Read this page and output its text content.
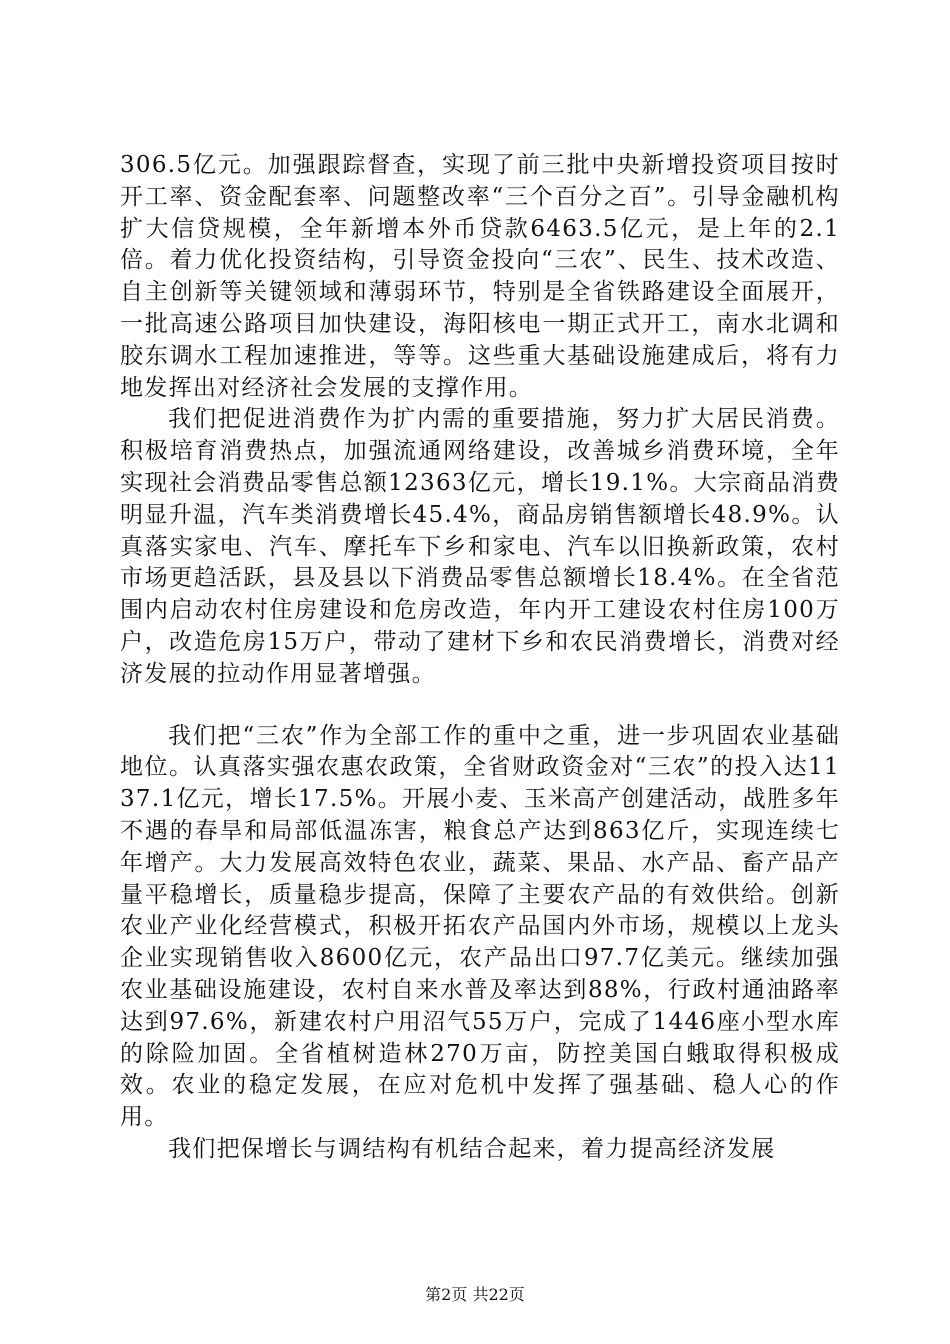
306.5亿元。加强跟踪督查，实现了前三批中央新增投资项目按时开工率、资金配套率、问题整改率“三个百分之百”。引导金融机构扩大信贷规模，全年新增本外币贷款6463.5亿元，是上年的2.1倍。着力优化投资结构，引导资金投向“三农”、民生、技术改造、自主创新等关键领域和薄弱环节，特别是全省铁路建设全面展开，一批高速公路项目加快建设，海阳核电一期正式开工，南水北调和胶东调水工程加速推进，等等。这些重大基础设施建成后，将有力地发挥出对经济社会发展的支撑作用。

我们把促进消费作为扩内需的重要措施，努力扩大居民消费。积极培育消费热点，加强流通网络建设，改善城乡消费环境，全年实现社会消费品零售总额12363亿元，增长19.1%。大宗商品消费明显升温，汽车类消费增长45.4%，商品房销售额增长48.9%。认真落实家电、汽车、摩托车下乡和家电、汽车以旧换新政策，农村市场更趋活跃，县及县以下消费品零售总额增长18.4%。在全省范围内启动农村住房建设和危房改造，年内开工建设农村住房100万户，改造危房15万户，带动了建材下乡和农民消费增长，消费对经济发展的拉动作用显著增强。

我们把“三农”作为全部工作的重中之重，进一步巩固农业基础地位。认真落实强农惠农政策，全省财政资金对“三农”的投入达1137.1亿元，增长17.5%。开展小麦、玉米高产创建活动，战胜多年不遇的春旱和局部低温冻害，粮食总产达到863亿斤，实现连续七年增产。大力发展高效特色农业，蔬菜、果品、水产品、畜产品产量平稳增长，质量稳步提高，保障了主要农产品的有效供给。创新农业产业化经营模式，积极开拓农产品国内外市场，规模以上龙头企业实现销售收入8600亿元，农产品出口97.7亿美元。继续加强农业基础设施建设，农村自来水普及率达到88%，行政村通油路率达到97.6%，新建农村户用沼气55万户，完成了1446座小型水库的除险加固。全省植树造林270万亩，防控美国白蛾取得积极成效。农业的稳定发展，在应对危机中发挥了强基础、稳人心的作用。

我们把保增长与调结构有机结合起来，着力提高经济发展

第2页 共22页
